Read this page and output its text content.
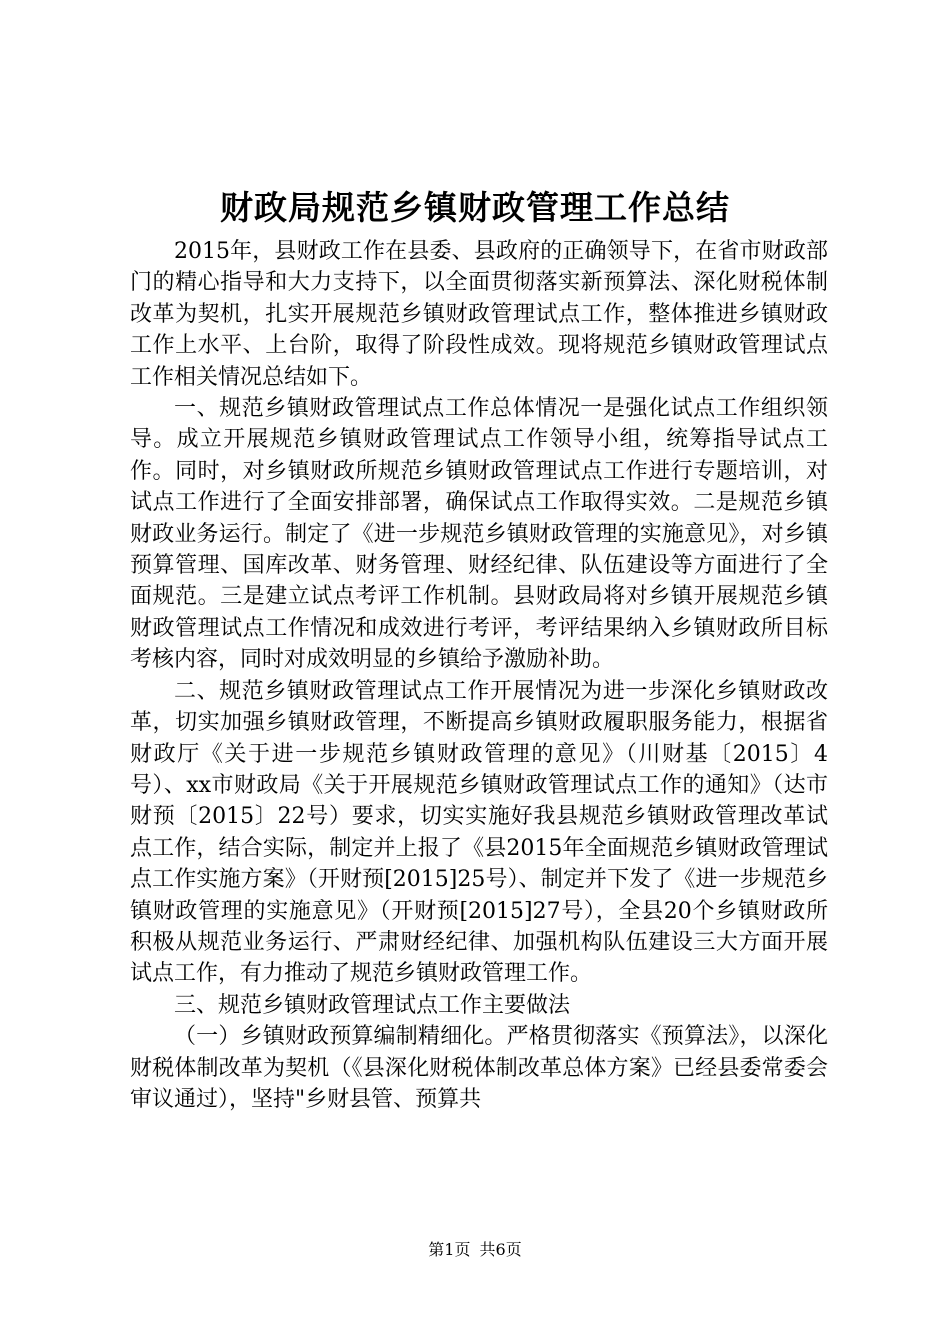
财政局规范乡镇财政管理工作总结

2015年，县财政工作在县委、县政府的正确领导下，在省市财政部门的精心指导和大力支持下，以全面贯彻落实新预算法、深化财税体制改革为契机，扎实开展规范乡镇财政管理试点工作，整体推进乡镇财政工作上水平、上台阶，取得了阶段性成效。现将规范乡镇财政管理试点工作相关情况总结如下。

一、规范乡镇财政管理试点工作总体情况一是强化试点工作组织领导。成立开展规范乡镇财政管理试点工作领导小组，统筹指导试点工作。同时，对乡镇财政所规范乡镇财政管理试点工作进行专题培训，对试点工作进行了全面安排部署，确保试点工作取得实效。二是规范乡镇财政业务运行。制定了《进一步规范乡镇财政管理的实施意见》，对乡镇预算管理、国库改革、财务管理、财经纪律、队伍建设等方面进行了全面规范。三是建立试点考评工作机制。县财政局将对乡镇开展规范乡镇财政管理试点工作情况和成效进行考评，考评结果纳入乡镇财政所目标考核内容，同时对成效明显的乡镇给予激励补助。

二、规范乡镇财政管理试点工作开展情况为进一步深化乡镇财政改革，切实加强乡镇财政管理，不断提高乡镇财政履职服务能力，根据省财政厅《关于进一步规范乡镇财政管理的意见》（川财基〔2015〕4号）、xx市财政局《关于开展规范乡镇财政管理试点工作的通知》（达市财预〔2015〕22号）要求，切实实施好我县规范乡镇财政管理改革试点工作，结合实际，制定并上报了《县2015年全面规范乡镇财政管理试点工作实施方案》（开财预[2015]25号）、制定并下发了《进一步规范乡镇财政管理的实施意见》（开财预[2015]27号），全县20个乡镇财政所积极从规范业务运行、严肃财经纪律、加强机构队伍建设三大方面开展试点工作，有力推动了规范乡镇财政管理工作。

三、规范乡镇财政管理试点工作主要做法

（一）乡镇财政预算编制精细化。严格贯彻落实《预算法》，以深化财税体制改革为契机（《县深化财税体制改革总体方案》已经县委常委会审议通过），坚持"乡财县管、预算共

第1页 共6页
